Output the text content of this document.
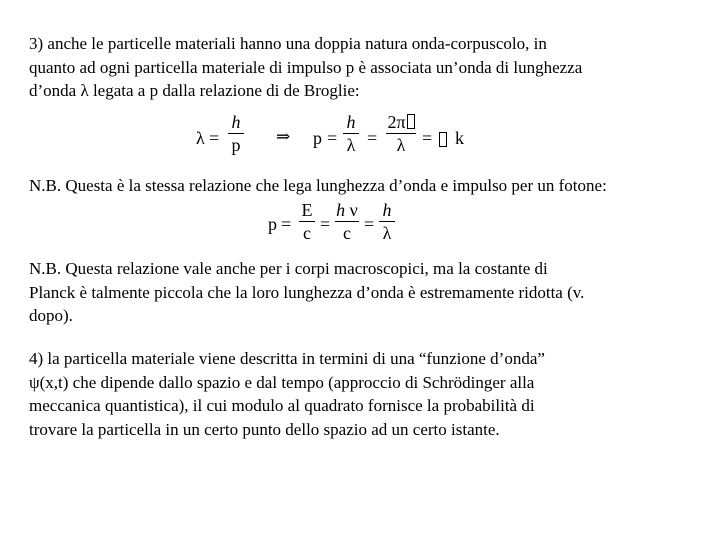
3) anche le particelle materiali hanno una doppia natura onda-corpuscolo, in
quanto ad ogni particella materiale di impulso p è associata un’onda di lunghezza
d’onda λ legata a p dalla relazione di de Broglie:
λ =
h
p ⇒ p =
h
λ =
2π
λ = k
N.B. Questa è la stessa relazione che lega lunghezza d’onda e impulso per un fotone:
p =
E
c =
h ν
c =
h
λ
N.B. Questa relazione vale anche per i corpi macroscopici, ma la costante di
Planck è talmente piccola che la loro lunghezza d’onda è estremamente ridotta (v.
dopo).
4) la particella materiale viene descritta in termini di una “funzione d’onda”
ψ(x,t) che dipende dallo spazio e dal tempo (approccio di Schrödinger alla
meccanica quantistica), il cui modulo al quadrato fornisce la probabilità di
trovare la particella in un certo punto dello spazio ad un certo istante.
